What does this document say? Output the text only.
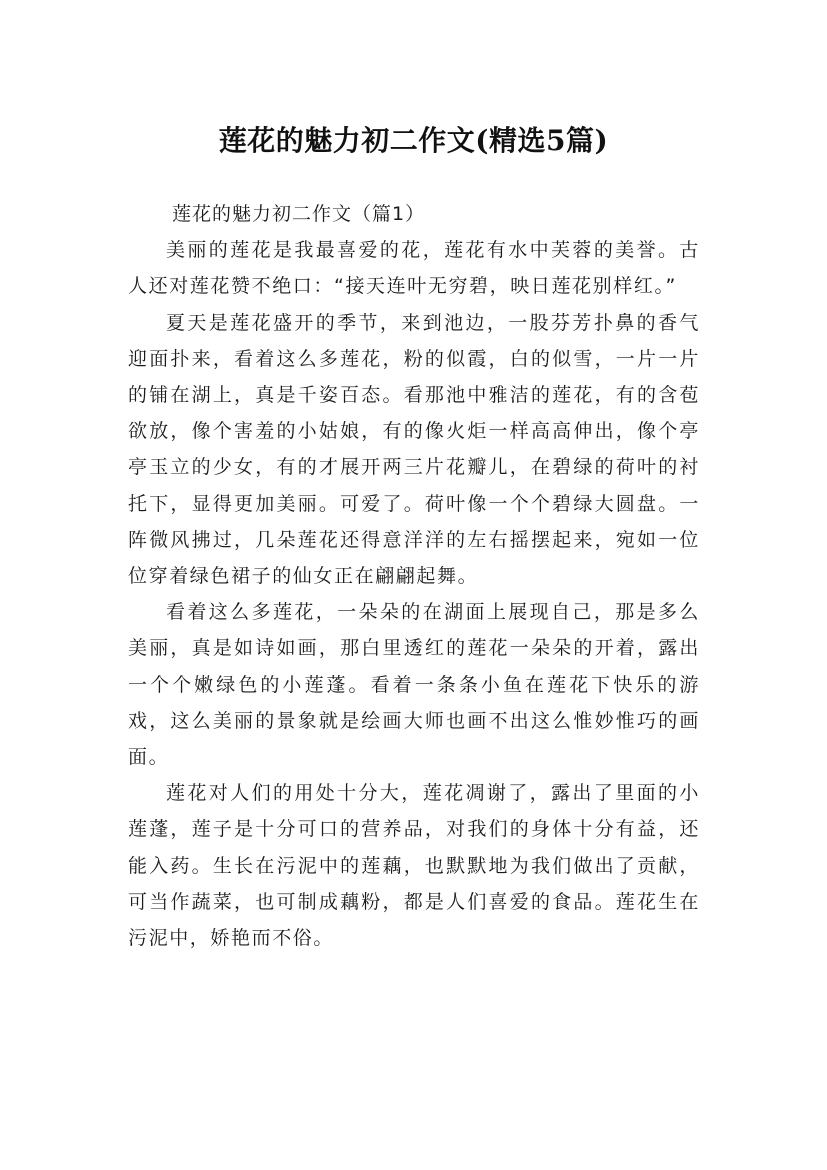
莲花的魅力初二作文(精选5篇)

莲花的魅力初二作文（篇1）

美丽的莲花是我最喜爱的花，莲花有水中芙蓉的美誉。古人还对莲花赞不绝口：“接天连叶无穷碧，映日莲花别样红。”

夏天是莲花盛开的季节，来到池边，一股芬芳扑鼻的香气迎面扑来，看着这么多莲花，粉的似霞，白的似雪，一片一片的铺在湖上，真是千姿百态。看那池中雅洁的莲花，有的含苞欲放，像个害羞的小姑娘，有的像火炬一样高高伸出，像个亭亭玉立的少女，有的才展开两三片花瓣儿，在碧绿的荷叶的衬托下，显得更加美丽。可爱了。荷叶像一个个碧绿大圆盘。一阵微风拂过，几朵莲花还得意洋洋的左右摇摆起来，宛如一位位穿着绿色裙子的仙女正在翩翩起舞。

看着这么多莲花，一朵朵的在湖面上展现自己，那是多么美丽，真是如诗如画，那白里透红的莲花一朵朵的开着，露出一个个嫩绿色的小莲蓬。看着一条条小鱼在莲花下快乐的游戏，这么美丽的景象就是绘画大师也画不出这么惟妙惟巧的画面。

莲花对人们的用处十分大，莲花凋谢了，露出了里面的小莲蓬，莲子是十分可口的营养品，对我们的身体十分有益，还能入药。生长在污泥中的莲藕，也默默地为我们做出了贡献，可当作蔬菜，也可制成藕粉，都是人们喜爱的食品。莲花生在污泥中，娇艳而不俗。
